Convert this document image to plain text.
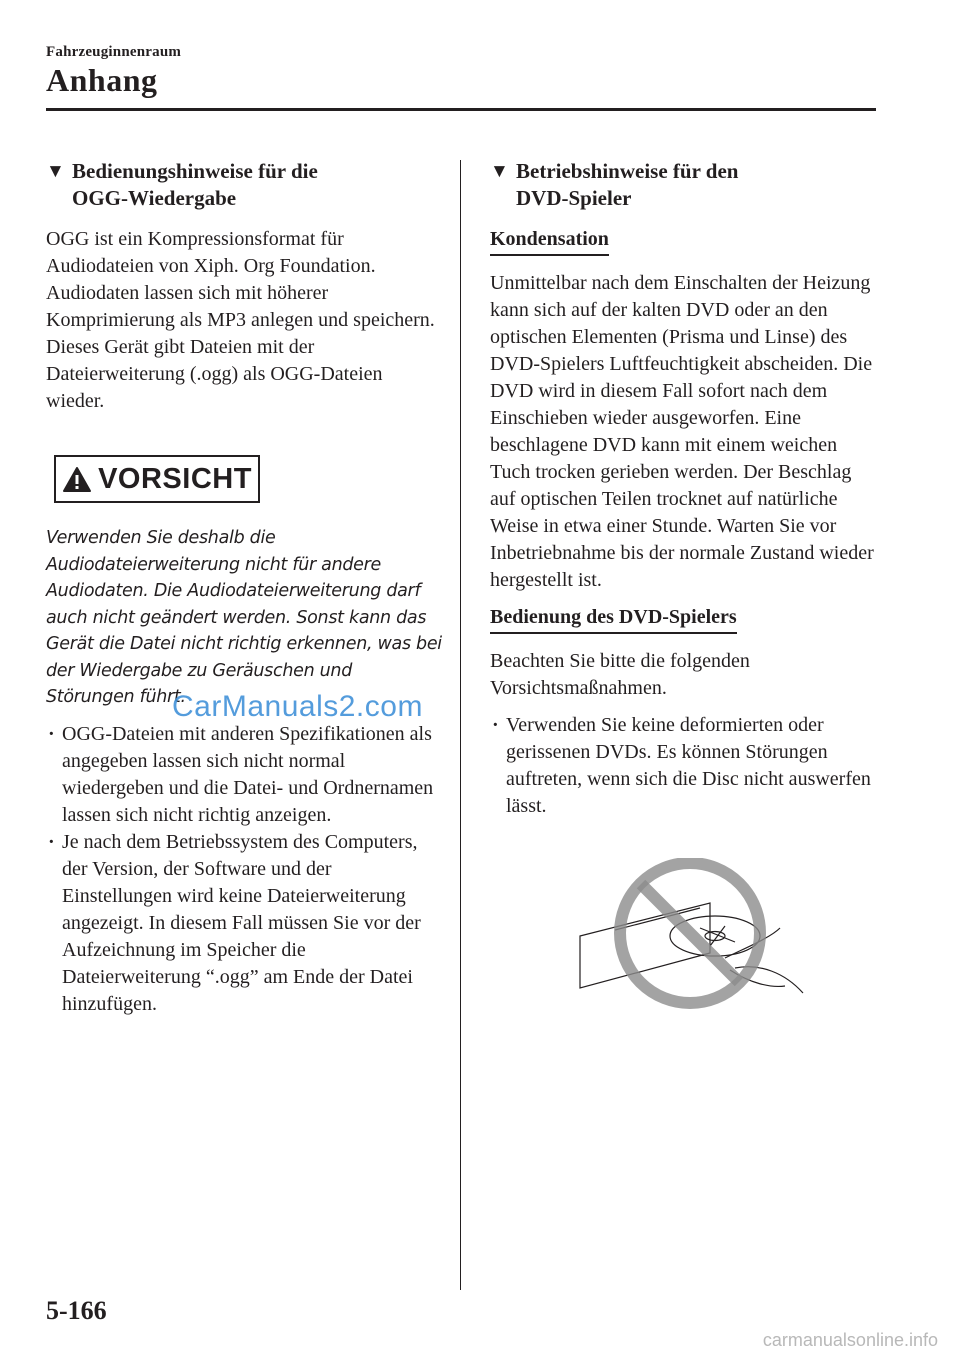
Fahrzeuginnenraum
Anhang
▼ Bedienungshinweise für die
OGG-Wiedergabe

OGG ist ein Kompressionsformat für Audiodateien von Xiph. Org Foundation. Audiodaten lassen sich mit höherer Komprimierung als MP3 anlegen und speichern.

Dieses Gerät gibt Dateien mit der Dateierweiterung (.ogg) als OGG-Dateien wieder.

VORSICHT
Verwenden Sie deshalb die Audiodateierweiterung nicht für andere Audiodaten. Die Audiodateierweiterung darf auch nicht geändert werden. Sonst kann das Gerät die Datei nicht richtig erkennen, was bei der Wiedergabe zu Geräuschen und Störungen führt.
· OGG-Dateien mit anderen Spezifikationen als angegeben lassen sich nicht normal wiedergeben und die Datei- und Ordnernamen lassen sich nicht richtig anzeigen.
· Je nach dem Betriebssystem des Computers, der Version, der Software und der Einstellungen wird keine Dateierweiterung angezeigt. In diesem Fall müssen Sie vor der Aufzeichnung im Speicher die Dateierweiterung “.ogg” am Ende der Datei hinzufügen.
▼ Betriebshinweise für den
DVD-Spieler
Kondensation
Unmittelbar nach dem Einschalten der Heizung kann sich auf der kalten DVD oder an den optischen Elementen (Prisma und Linse) des DVD-Spielers Luftfeuchtigkeit abscheiden. Die DVD wird in diesem Fall sofort nach dem Einschieben wieder ausgeworfen. Eine beschlagene DVD kann mit einem weichen Tuch trocken gerieben werden. Der Beschlag auf optischen Teilen trocknet auf natürliche Weise in etwa einer Stunde. Warten Sie vor Inbetriebnahme bis der normale Zustand wieder hergestellt ist.
Bedienung des DVD-Spielers
Beachten Sie bitte die folgenden Vorsichtsmaßnahmen.
· Verwenden Sie keine deformierten oder gerissenen DVDs. Es können Störungen auftreten, wenn sich die Disc nicht auswerfen lässt.
CarManuals2.com
5-166
carmanualsonline.info
